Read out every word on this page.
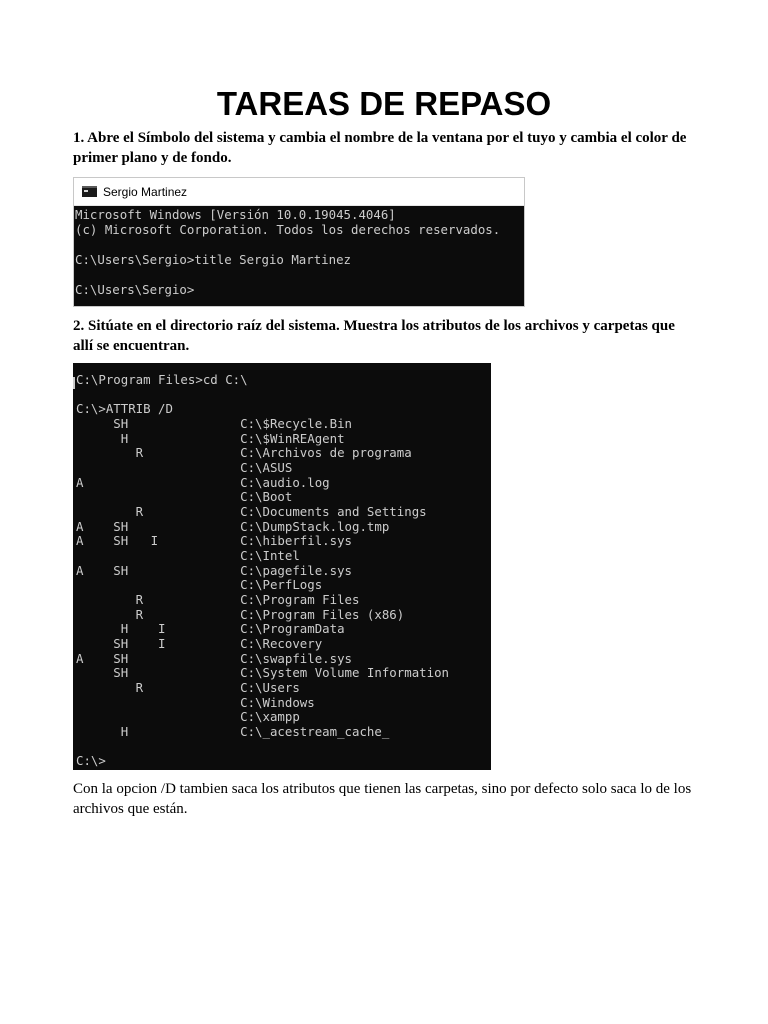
TAREAS DE REPASO

1. Abre el Símbolo del sistema y cambia el nombre de la ventana por el tuyo y cambia el color de primer plano y de fondo.

Sergio Martinez
Microsoft Windows [Versión 10.0.19045.4046]
(c) Microsoft Corporation. Todos los derechos reservados.

C:\Users\Sergio>title Sergio Martinez

C:\Users\Sergio>

2. Sitúate en el directorio raíz del sistema. Muestra los atributos de los archivos y carpetas que allí se encuentran.

C:\Program Files>cd C:\

C:\>ATTRIB /D
SH               C:\$Recycle.Bin
H               C:\$WinREAgent
R             C:\Archivos de programa
C:\ASUS
A                     C:\audio.log
C:\Boot
R             C:\Documents and Settings
A    SH               C:\DumpStack.log.tmp
A    SH   I           C:\hiberfil.sys
C:\Intel
A    SH               C:\pagefile.sys
C:\PerfLogs
R             C:\Program Files
R             C:\Program Files (x86)
H    I          C:\ProgramData
SH    I          C:\Recovery
A    SH               C:\swapfile.sys
SH               C:\System Volume Information
R             C:\Users
C:\Windows
C:\xampp
H               C:\_acestream_cache_

C:\>

Con la opcion /D tambien saca los atributos que tienen las carpetas, sino por defecto solo saca lo de los archivos que están.
